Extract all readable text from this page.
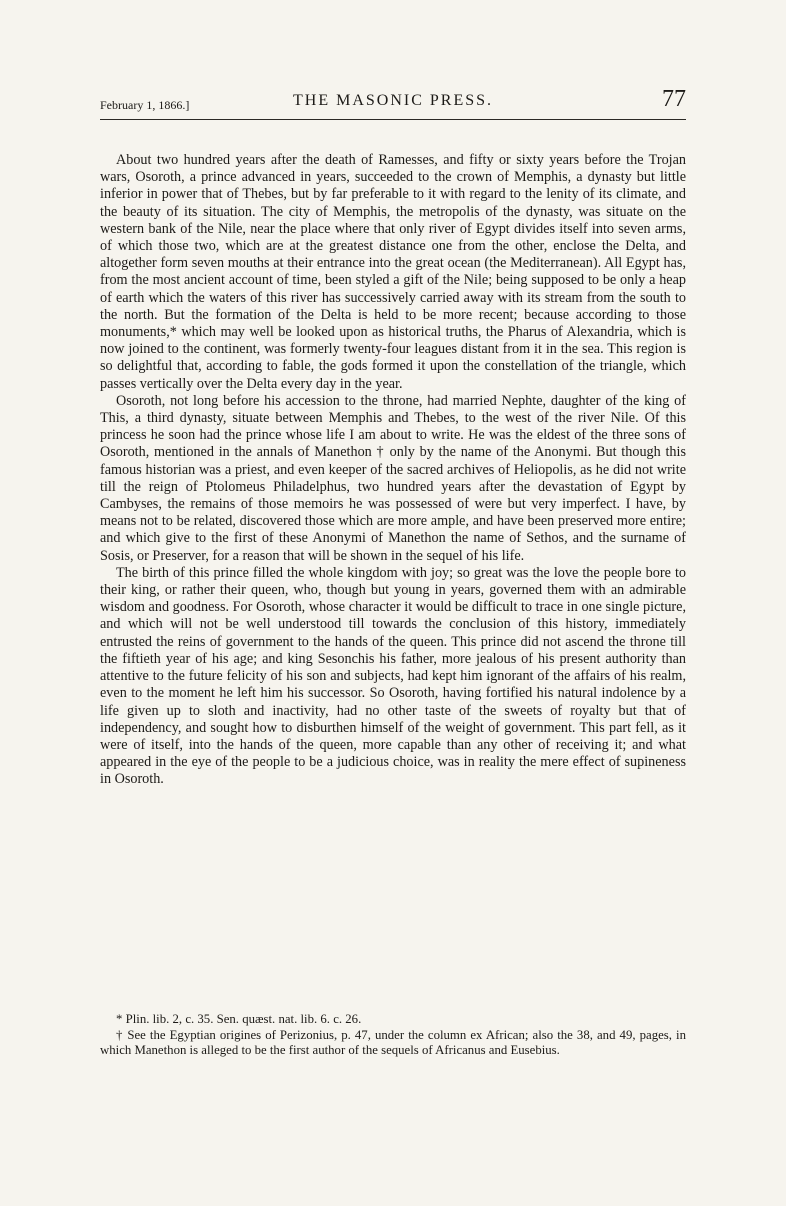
February 1, 1866.]	THE MASONIC PRESS.	77

About two hundred years after the death of Ramesses, and fifty or sixty years before the Trojan wars, Osoroth, a prince advanced in years, succeeded to the crown of Memphis, a dynasty but little inferior in power that of Thebes, but by far preferable to it with regard to the lenity of its climate, and the beauty of its situation. The city of Memphis, the metropolis of the dynasty, was situate on the western bank of the Nile, near the place where that only river of Egypt divides itself into seven arms, of which those two, which are at the greatest distance one from the other, enclose the Delta, and altogether form seven mouths at their entrance into the great ocean (the Mediterranean). All Egypt has, from the most ancient account of time, been styled a gift of the Nile; being supposed to be only a heap of earth which the waters of this river has successively carried away with its stream from the south to the north. But the formation of the Delta is held to be more recent; because according to those monuments,* which may well be looked upon as historical truths, the Pharus of Alexandria, which is now joined to the continent, was formerly twenty-four leagues distant from it in the sea. This region is so delightful that, according to fable, the gods formed it upon the constellation of the triangle, which passes vertically over the Delta every day in the year.

Osoroth, not long before his accession to the throne, had married Nephte, daughter of the king of This, a third dynasty, situate between Memphis and Thebes, to the west of the river Nile. Of this princess he soon had the prince whose life I am about to write. He was the eldest of the three sons of Osoroth, mentioned in the annals of Manethon † only by the name of the Anonymi. But though this famous historian was a priest, and even keeper of the sacred archives of Heliopolis, as he did not write till the reign of Ptolomeus Philadelphus, two hundred years after the devastation of Egypt by Cambyses, the remains of those memoirs he was possessed of were but very imperfect. I have, by means not to be related, discovered those which are more ample, and have been preserved more entire; and which give to the first of these Anonymi of Manethon the name of Sethos, and the surname of Sosis, or Preserver, for a reason that will be shown in the sequel of his life.

The birth of this prince filled the whole kingdom with joy; so great was the love the people bore to their king, or rather their queen, who, though but young in years, governed them with an admirable wisdom and goodness. For Osoroth, whose character it would be difficult to trace in one single picture, and which will not be well understood till towards the conclusion of this history, immediately entrusted the reins of government to the hands of the queen. This prince did not ascend the throne till the fiftieth year of his age; and king Sesonchis his father, more jealous of his present authority than attentive to the future felicity of his son and subjects, had kept him ignorant of the affairs of his realm, even to the moment he left him his successor. So Osoroth, having fortified his natural indolence by a life given up to sloth and inactivity, had no other taste of the sweets of royalty but that of independency, and sought how to disburthen himself of the weight of government. This part fell, as it were of itself, into the hands of the queen, more capable than any other of receiving it; and what appeared in the eye of the people to be a judicious choice, was in reality the mere effect of supineness in Osoroth.

* Plin. lib. 2, c. 35. Sen. quæst. nat. lib. 6. c. 26.

† See the Egyptian origines of Perizonius, p. 47, under the column ex African; also the 38, and 49, pages, in which Manethon is alleged to be the first author of the sequels of Africanus and Eusebius.
